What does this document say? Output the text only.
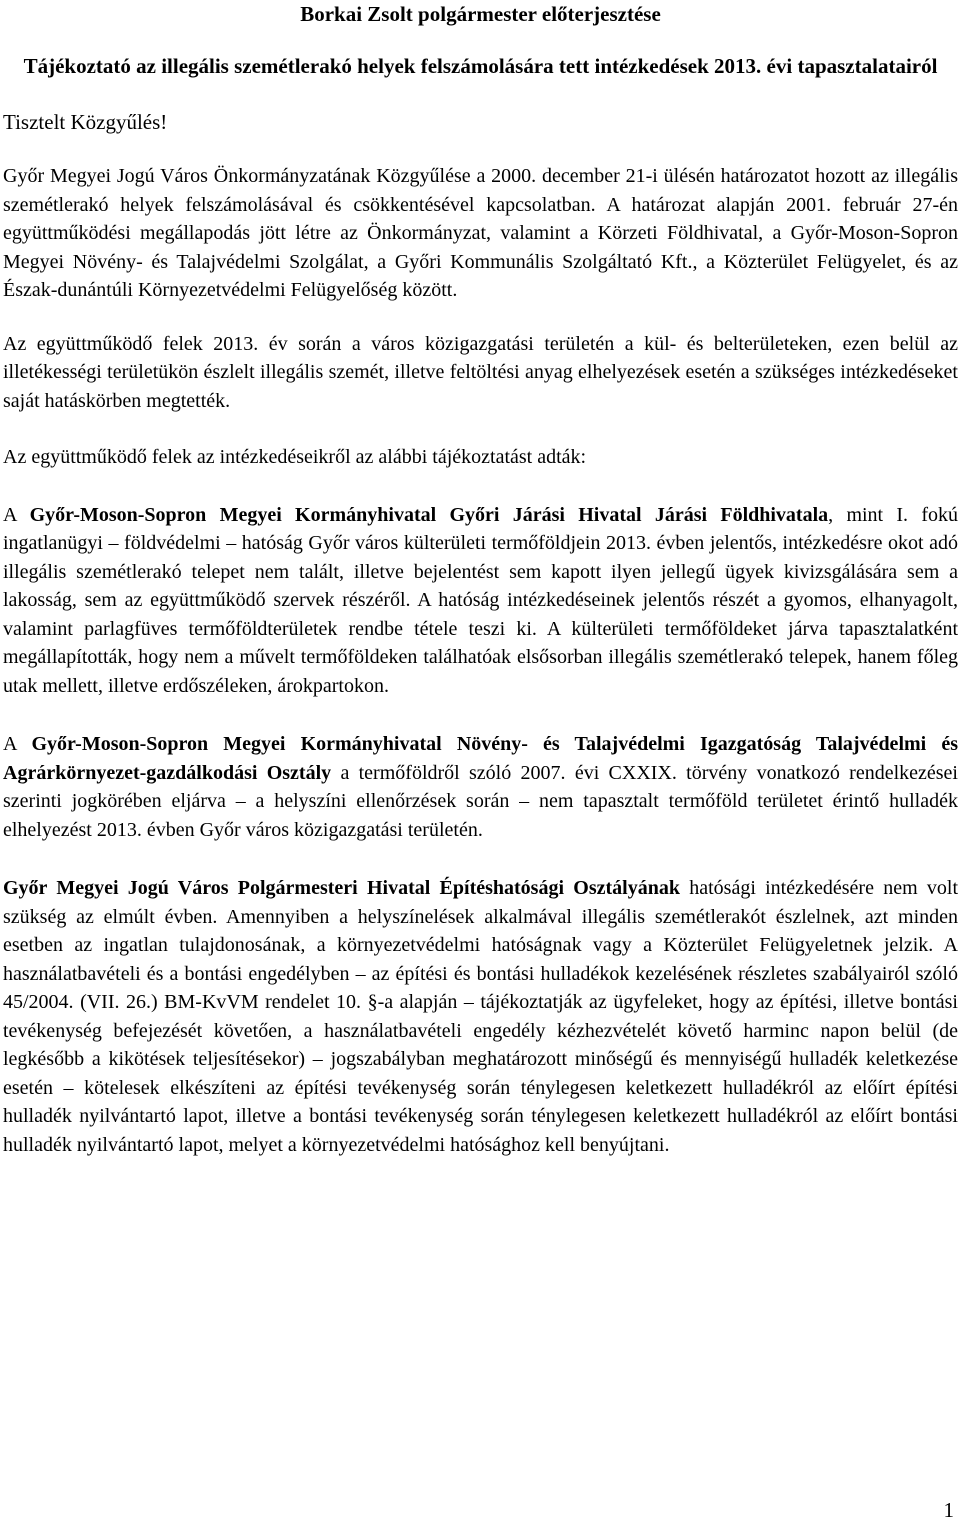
Borkai Zsolt polgármester előterjesztése
Tájékoztató az illegális szemétlerakó helyek felszámolására tett intézkedések 2013. évi tapasztalatairól

Tisztelt Közgyűlés!

Győr Megyei Jogú Város Önkormányzatának Közgyűlése a 2000. december 21-i ülésén határozatot hozott az illegális szemétlerakó helyek felszámolásával és csökkentésével kapcsolatban. A határozat alapján 2001. február 27-én együttműködési megállapodás jött létre az Önkormányzat, valamint a Körzeti Földhivatal, a Győr-Moson-Sopron Megyei Növény- és Talajvédelmi Szolgálat, a Győri Kommunális Szolgáltató Kft., a Közterület Felügyelet, és az Észak-dunántúli Környezetvédelmi Felügyelőség között.

Az együttműködő felek 2013. év során a város közigazgatási területén a kül- és belterületeken, ezen belül az illetékességi területükön észlelt illegális szemét, illetve feltöltési anyag elhelyezések esetén a szükséges intézkedéseket saját hatáskörben megtették.

Az együttműködő felek az intézkedéseikről az alábbi tájékoztatást adták:

A Győr-Moson-Sopron Megyei Kormányhivatal Győri Járási Hivatal Járási Földhivatala, mint I. fokú ingatlanügyi – földvédelmi – hatóság Győr város külterületi termőföldjein 2013. évben jelentős, intézkedésre okot adó illegális szemétlerakó telepet nem talált, illetve bejelentést sem kapott ilyen jellegű ügyek kivizsgálására sem a lakosság, sem az együttműködő szervek részéről. A hatóság intézkedéseinek jelentős részét a gyomos, elhanyagolt, valamint parlagfüves termőföldterületek rendbe tétele teszi ki. A külterületi termőföldeket járva tapasztalatként megállapították, hogy nem a művelt termőföldeken találhatóak elsősorban illegális szemétlerakó telepek, hanem főleg utak mellett, illetve erdőszéleken, árokpartokon.

A Győr-Moson-Sopron Megyei Kormányhivatal Növény- és Talajvédelmi Igazgatóság Talajvédelmi és Agrárkörnyezet-gazdálkodási Osztály a termőföldről szóló 2007. évi CXXIX. törvény vonatkozó rendelkezései szerinti jogkörében eljárva – a helyszíni ellenőrzések során – nem tapasztalt termőföld területet érintő hulladék elhelyezést 2013. évben Győr város közigazgatási területén.

Győr Megyei Jogú Város Polgármesteri Hivatal Építéshatósági Osztályának hatósági intézkedésére nem volt szükség az elmúlt évben. Amennyiben a helyszínelések alkalmával illegális szemétlerakót észlelnek, azt minden esetben az ingatlan tulajdonosának, a környezetvédelmi hatóságnak vagy a Közterület Felügyeletnek jelzik. A használatbavételi és a bontási engedélyben – az építési és bontási hulladékok kezelésének részletes szabályairól szóló 45/2004. (VII. 26.) BM-KvVM rendelet 10. §-a alapján – tájékoztatják az ügyfeleket, hogy az építési, illetve bontási tevékenység befejezését követően, a használatbavételi engedély kézhezvételét követő harminc napon belül (de legkésőbb a kikötések teljesítésekor) – jogszabályban meghatározott minőségű és mennyiségű hulladék keletkezése esetén – kötelesek elkészíteni az építési tevékenység során ténylegesen keletkezett hulladékról az előírt építési hulladék nyilvántartó lapot, illetve a bontási tevékenység során ténylegesen keletkezett hulladékról az előírt bontási hulladék nyilvántartó lapot, melyet a környezetvédelmi hatósághoz kell benyújtani.

1
